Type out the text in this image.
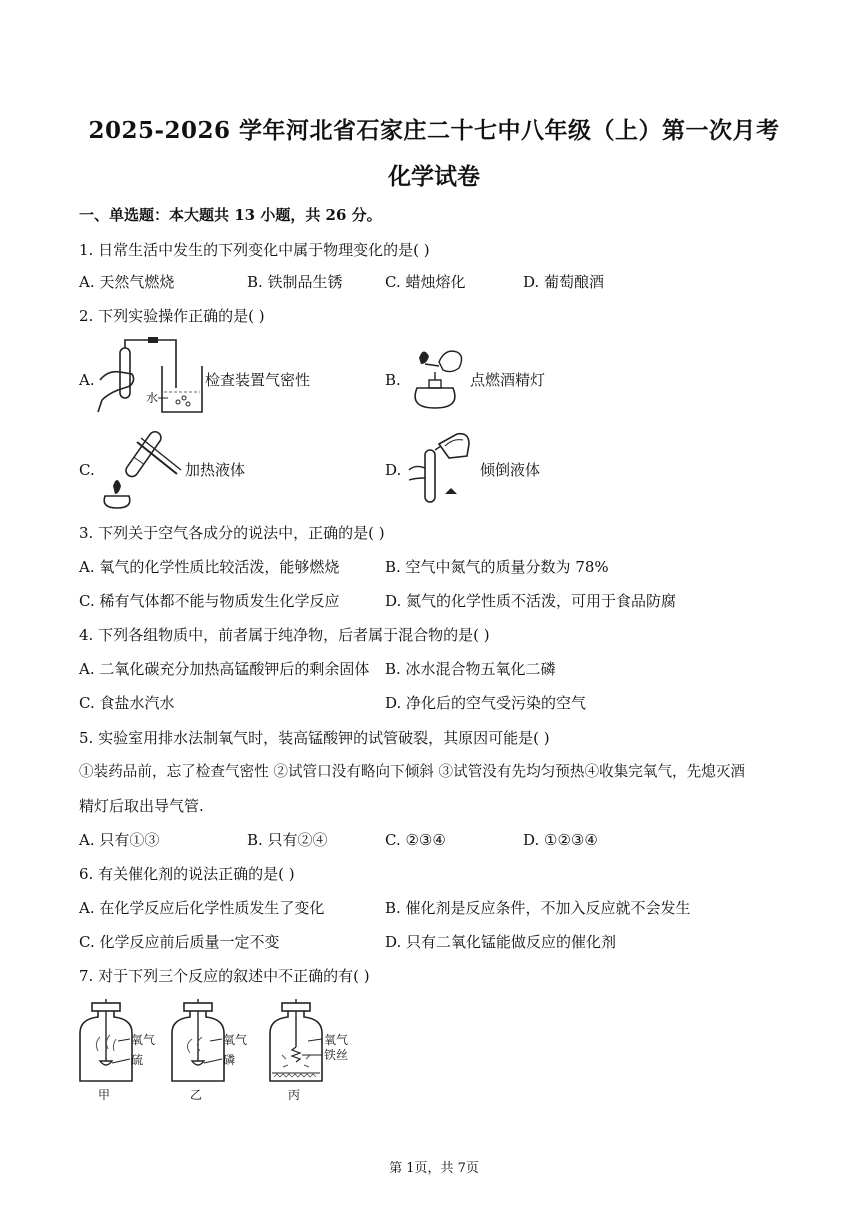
2025-2026 学年河北省石家庄二十七中八年级（上）第一次月考
化学试卷
一、单选题：本大题共 13 小题，共 26 分。
1. 日常生活中发生的下列变化中属于物理变化的是( )
A. 天然气燃烧	B. 铁制品生锈	C. 蜡烛熔化	D. 葡萄酿酒
2. 下列实验操作正确的是( )
A.
水
检查装置气密性	B.	点燃酒精灯
C.	加热液体	D.	倾倒液体
3. 下列关于空气各成分的说法中，正确的是( )
A. 氧气的化学性质比较活泼，能够燃烧	B. 空气中氮气的质量分数为 78%
C. 稀有气体都不能与物质发生化学反应	D. 氮气的化学性质不活泼，可用于食品防腐
4. 下列各组物质中，前者属于纯净物，后者属于混合物的是( )
A. 二氧化碳充分加热高锰酸钾后的剩余固体 B. 冰水混合物五氧化二磷
C. 食盐水汽水	D. 净化后的空气受污染的空气
5. 实验室用排水法制氧气时，装高锰酸钾的试管破裂，其原因可能是( )
①装药品前，忘了检查气密性 ②试管口没有略向下倾斜 ③试管没有先均匀预热④收集完氧气，先熄灭酒
精灯后取出导气管.
A. 只有①③	B. 只有②④	C. ②③④	D. ①②③④
6. 有关催化剂的说法正确的是( )
A. 在化学反应后化学性质发生了变化	B. 催化剂是反应条件，不加入反应就不会发生
C. 化学反应前后质量一定不变	D. 只有二氧化锰能做反应的催化剂
7. 对于下列三个反应的叙述中不正确的有( )
氧气
硫
甲
氧气
磷
乙
氧气
铁丝
丙
第 1页，共 7页
